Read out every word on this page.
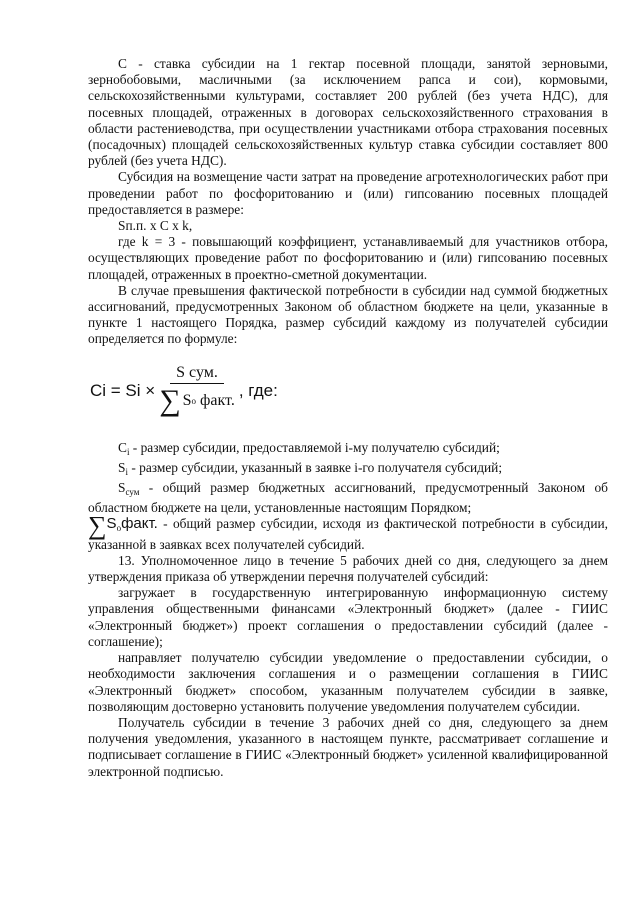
С - ставка субсидии на 1 гектар посевной площади, занятой зерновыми, зернобобовыми, масличными (за исключением рапса и сои), кормовыми, сельскохозяйственными культурами, составляет 200 рублей (без учета НДС), для посевных площадей, отраженных в договорах сельскохозяйственного страхования в области растениеводства, при осуществлении участниками отбора страхования посевных (посадочных) площадей сельскохозяйственных культур ставка субсидии составляет 800 рублей (без учета НДС).

Субсидия на возмещение части затрат на проведение агротехнологических работ при проведении работ по фосфоритованию и (или) гипсованию посевных площадей предоставляется в размере:

Sп.п. x C x k,

где k = 3 - повышающий коэффициент, устанавливаемый для участников отбора, осуществляющих проведение работ по фосфоритованию и (или) гипсованию посевных площадей, отраженных в проектно-сметной документации.

В случае превышения фактической потребности в субсидии над суммой бюджетных ассигнований, предусмотренных Законом об областном бюджете на цели, указанные в пункте 1 настоящего Порядка, размер субсидий каждому из получателей субсидии определяется по формуле:

Ci = Si × S сум.
∑ S o
факт. , где:

$C_i$ - размер субсидии, предоставляемой i-му получателю субсидий;

$S_i$ - размер субсидии, указанный в заявке i-го получателя субсидий;

$S_{сум}$ - общий размер бюджетных ассигнований, предусмотренный Законом об областном бюджете на цели, установленные настоящим Порядком;

$\sum S_oфакт$. - общий размер субсидии, исходя из фактической потребности в субсидии, указанной в заявках всех получателей субсидий.

13. Уполномоченное лицо в течение 5 рабочих дней со дня, следующего за днем утверждения приказа об утверждении перечня получателей субсидий:

загружает в государственную интегрированную информационную систему управления общественными финансами «Электронный бюджет» (далее - ГИИС «Электронный бюджет») проект соглашения о предоставлении субсидий (далее - соглашение);

направляет получателю субсидии уведомление о предоставлении субсидии, о необходимости заключения соглашения и о размещении соглашения в ГИИС «Электронный бюджет» способом, указанным получателем субсидии в заявке, позволяющим достоверно установить получение уведомления получателем субсидии.

Получатель субсидии в течение 3 рабочих дней со дня, следующего за днем получения уведомления, указанного в настоящем пункте, рассматривает соглашение и подписывает соглашение в ГИИС «Электронный бюджет» усиленной квалифицированной электронной подписью.
